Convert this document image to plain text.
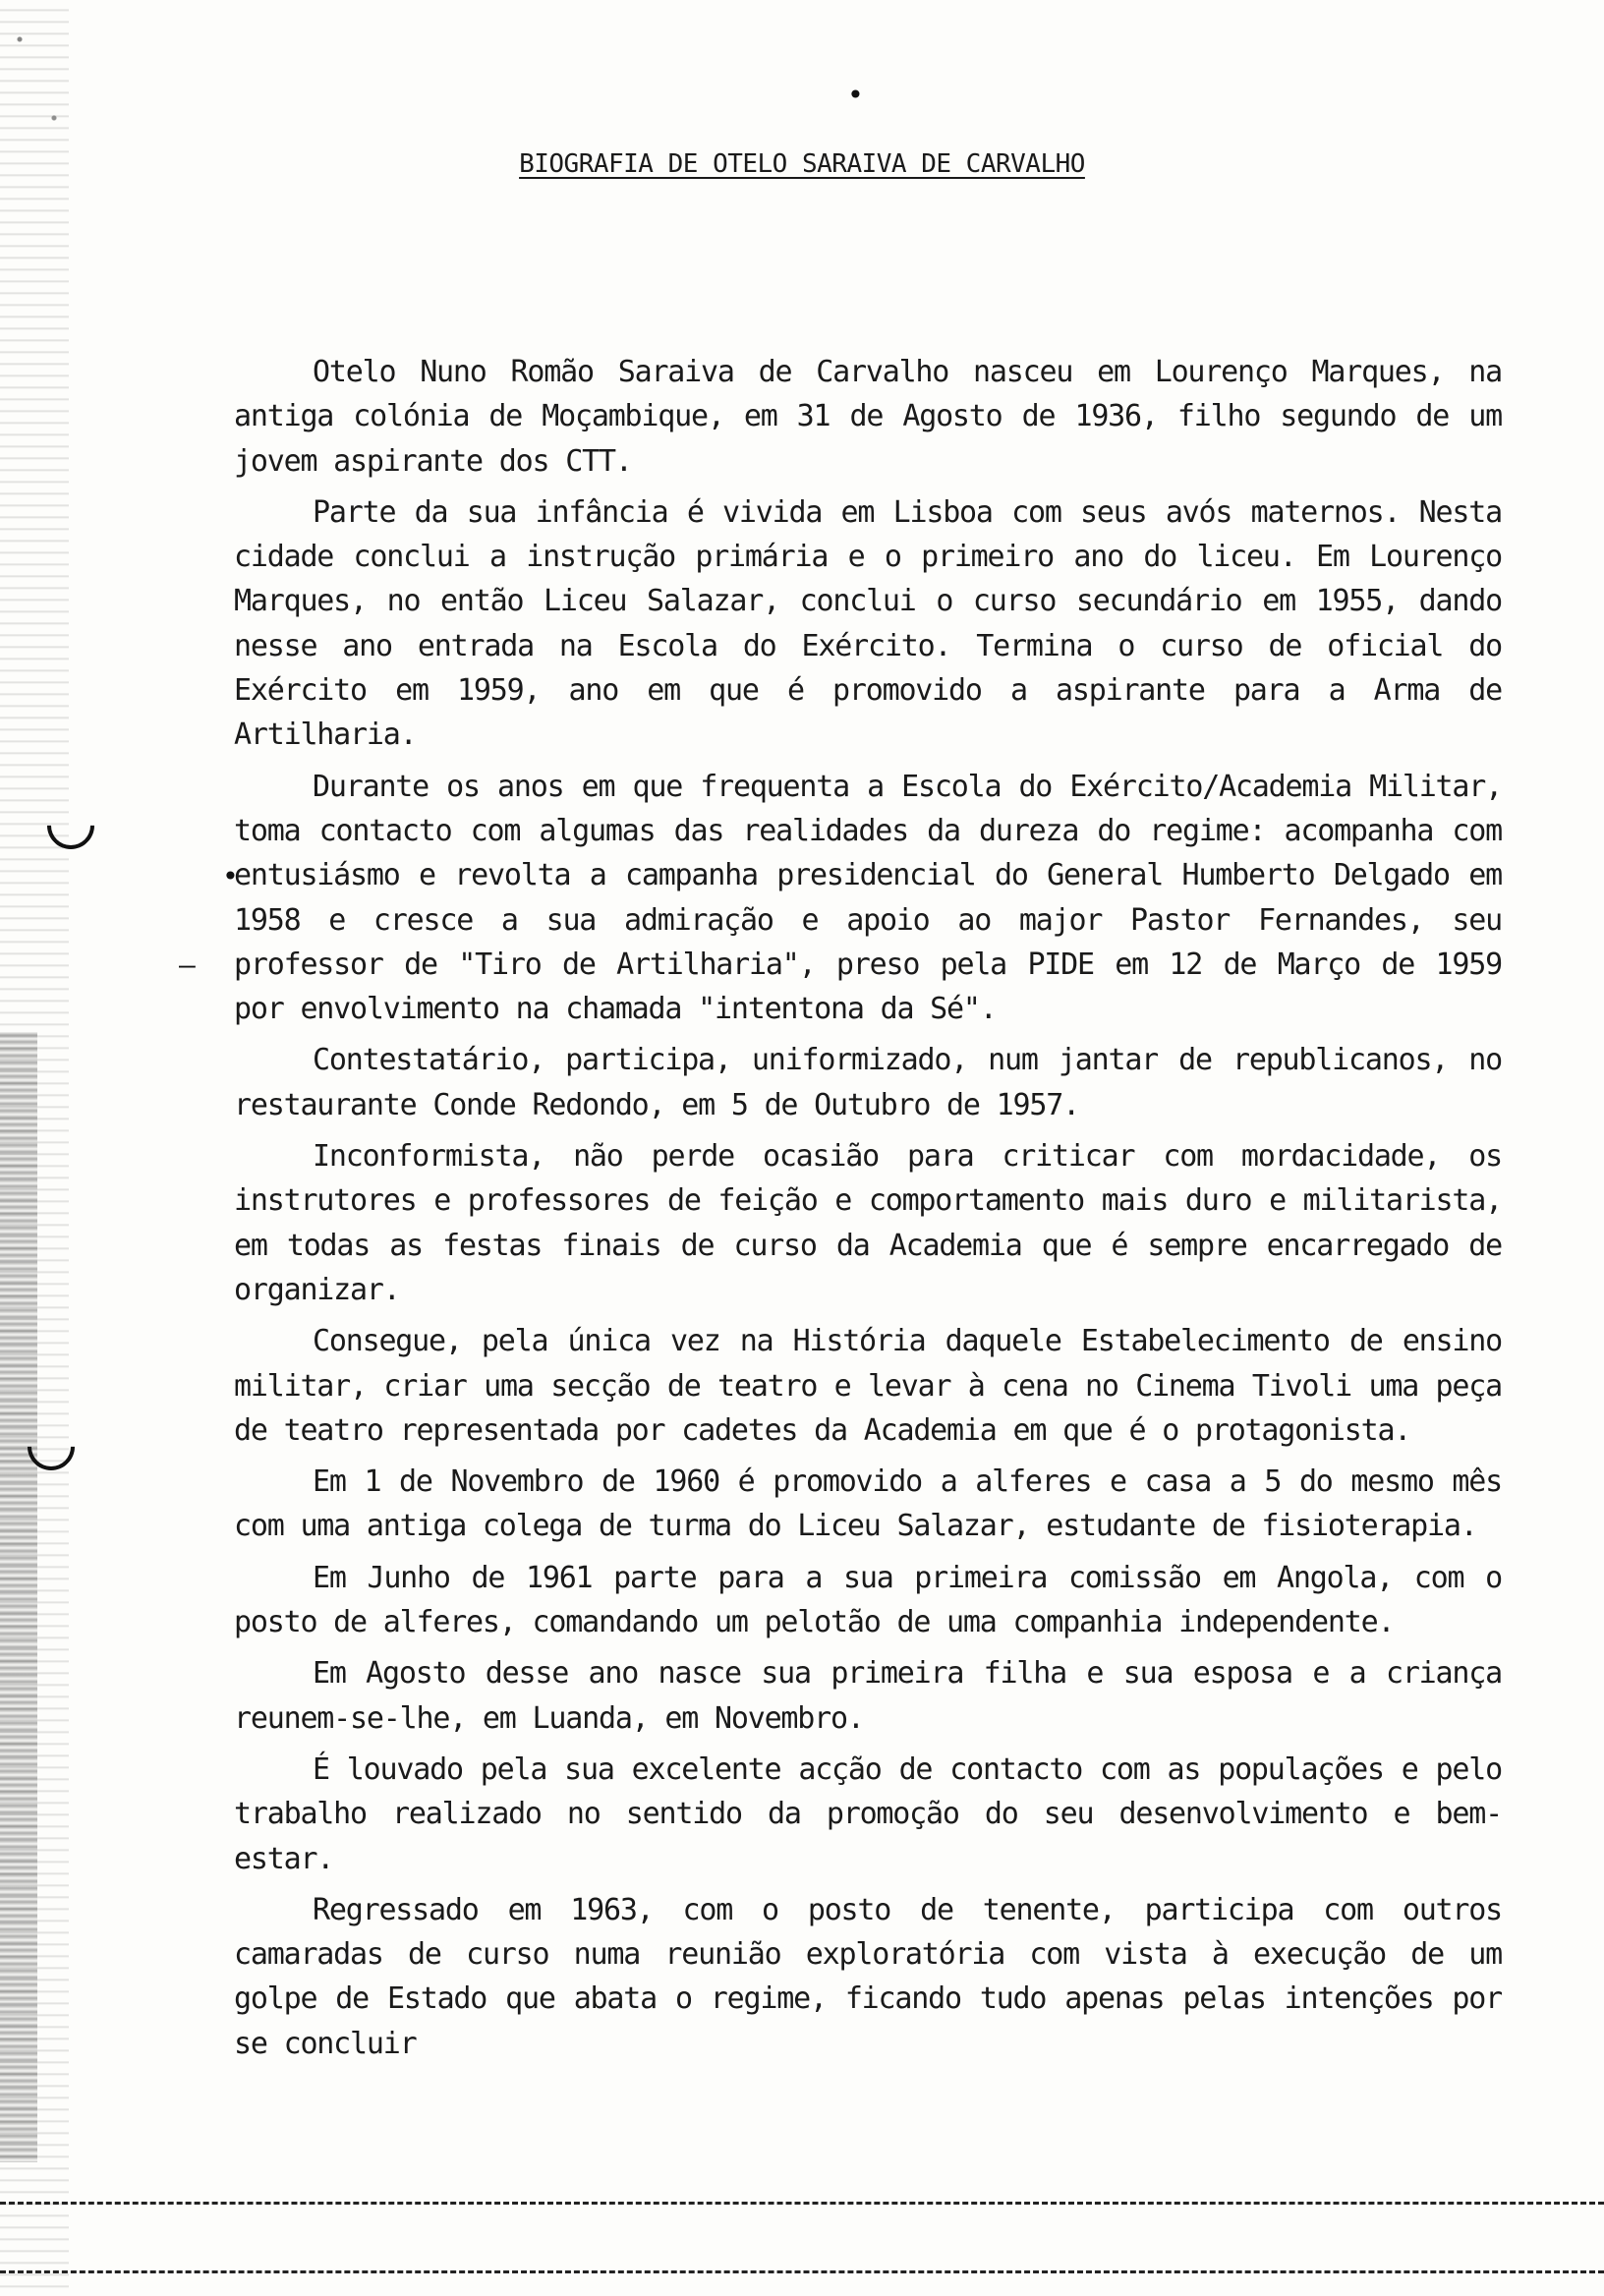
•
•
–
BIOGRAFIA DE OTELO SARAIVA DE CARVALHO

Otelo Nuno Romão Saraiva de Carvalho nasceu em Lourenço Marques, na antiga colónia de Moçambique, em 31 de Agosto de 1936, filho segundo de um jovem aspirante dos CTT.

Parte da sua infância é vivida em Lisboa com seus avós maternos. Nesta cidade conclui a instrução primária e o primeiro ano do liceu. Em Lourenço Marques, no então Liceu Salazar, conclui o curso secundário em 1955, dando nesse ano entrada na Escola do Exército. Termina o curso de oficial do Exército em 1959, ano em que é promovido a aspirante para a Arma de Artilharia.

Durante os anos em que frequenta a Escola do Exército/Academia Militar, toma contacto com algumas das realidades da dureza do regime: acompanha com entusiásmo e revolta a campanha presidencial do General Humberto Delgado em 1958 e cresce a sua admiração e apoio ao major Pastor Fernandes, seu professor de "Tiro de Artilharia", preso pela PIDE em 12 de Março de 1959 por envolvimento na chamada "intentona da Sé".

Contestatário, participa, uniformizado, num jantar de republicanos, no restaurante Conde Redondo, em 5 de Outubro de 1957.

Inconformista, não perde ocasião para criticar com mordacidade, os instrutores e professores de feição e comportamento mais duro e militarista, em todas as festas finais de curso da Academia que é sempre encarregado de organizar.

Consegue, pela única vez na História daquele Estabelecimento de ensino militar, criar uma secção de teatro e levar à cena no Cinema Tivoli uma peça de teatro representada por cadetes da Academia em que é o protagonista.

Em 1 de Novembro de 1960 é promovido a alferes e casa a 5 do mesmo mês com uma antiga colega de turma do Liceu Salazar, estudante de fisioterapia.

Em Junho de 1961 parte para a sua primeira comissão em Angola, com o posto de alferes, comandando um pelotão de uma companhia independente.

Em Agosto desse ano nasce sua primeira filha e sua esposa e a criança reunem-se-lhe, em Luanda, em Novembro.

É louvado pela sua excelente acção de contacto com as populações e pelo trabalho realizado no sentido da promoção do seu desenvolvimento e bem-estar.

Regressado em 1963, com o posto de tenente, participa com outros camaradas de curso numa reunião exploratória com vista à execução de um golpe de Estado que abata o regime, ficando tudo apenas pelas intenções por se concluir
